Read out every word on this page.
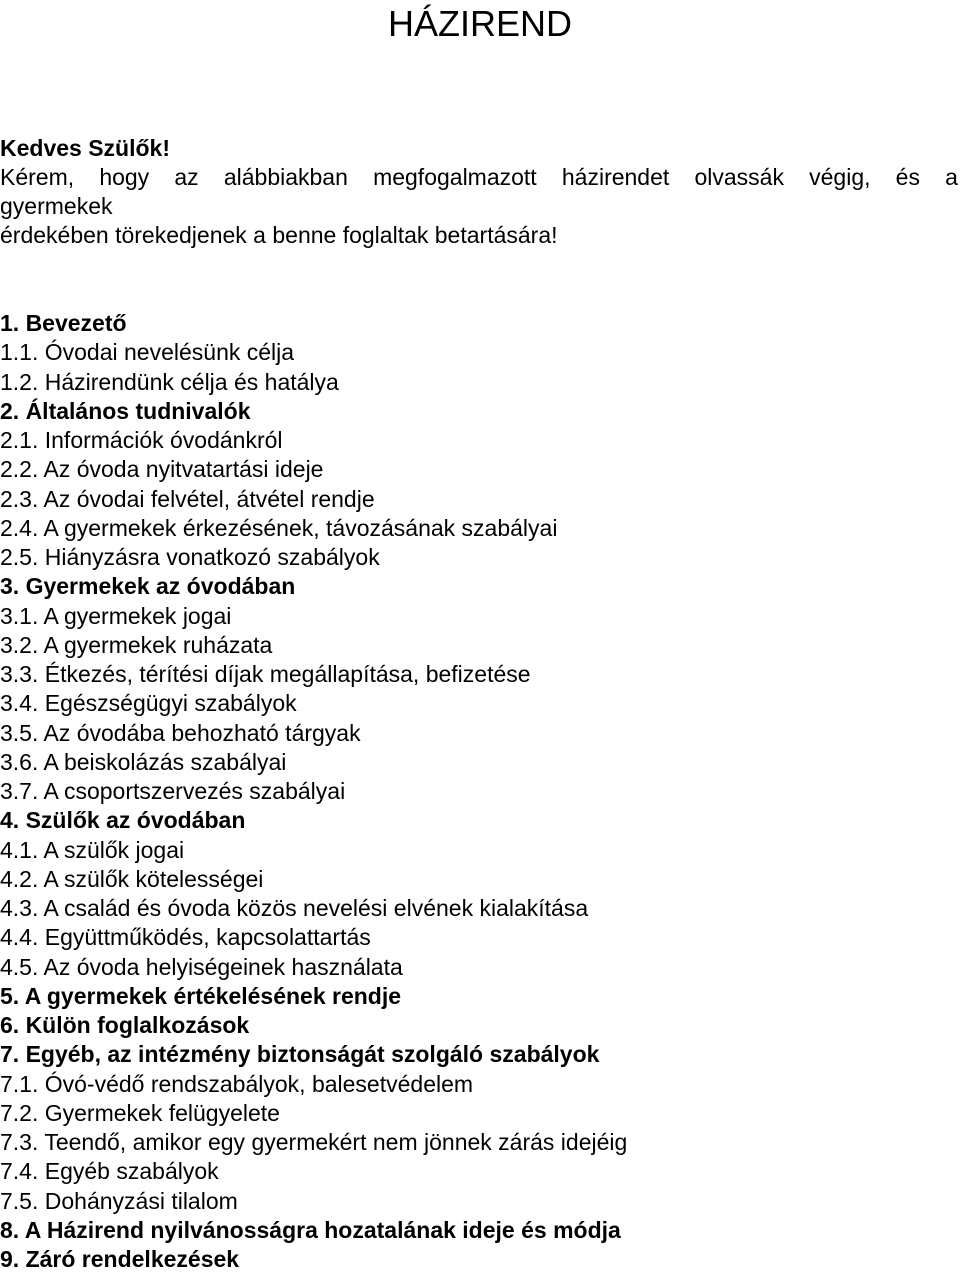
HÁZIREND
Kedves Szülők!
Kérem, hogy az alábbiakban megfogalmazott házirendet olvassák végig, és a
gyermekek
érdekében törekedjenek a benne foglaltak betartására!
1. Bevezető
1.1. Óvodai nevelésünk célja
1.2. Házirendünk célja és hatálya
2. Általános tudnivalók
2.1. Információk óvodánkról
2.2. Az óvoda nyitvatartási ideje
2.3. Az óvodai felvétel, átvétel rendje
2.4. A gyermekek érkezésének, távozásának szabályai
2.5. Hiányzásra vonatkozó szabályok
3. Gyermekek az óvodában
3.1. A gyermekek jogai
3.2. A gyermekek ruházata
3.3. Étkezés, térítési díjak megállapítása, befizetése
3.4. Egészségügyi szabályok
3.5. Az óvodába behozható tárgyak
3.6. A beiskolázás szabályai
3.7. A csoportszervezés szabályai
4. Szülők az óvodában
4.1. A szülők jogai
4.2. A szülők kötelességei
4.3. A család és óvoda közös nevelési elvének kialakítása
4.4. Együttműködés, kapcsolattartás
4.5. Az óvoda helyiségeinek használata
5. A gyermekek értékelésének rendje
6. Külön foglalkozások
7. Egyéb, az intézmény biztonságát szolgáló szabályok
7.1. Óvó-védő rendszabályok, balesetvédelem
7.2. Gyermekek felügyelete
7.3. Teendő, amikor egy gyermekért nem jönnek zárás idejéig
7.4. Egyéb szabályok
7.5. Dohányzási tilalom
8. A Házirend nyilvánosságra hozatalának ideje és módja
9. Záró rendelkezések
